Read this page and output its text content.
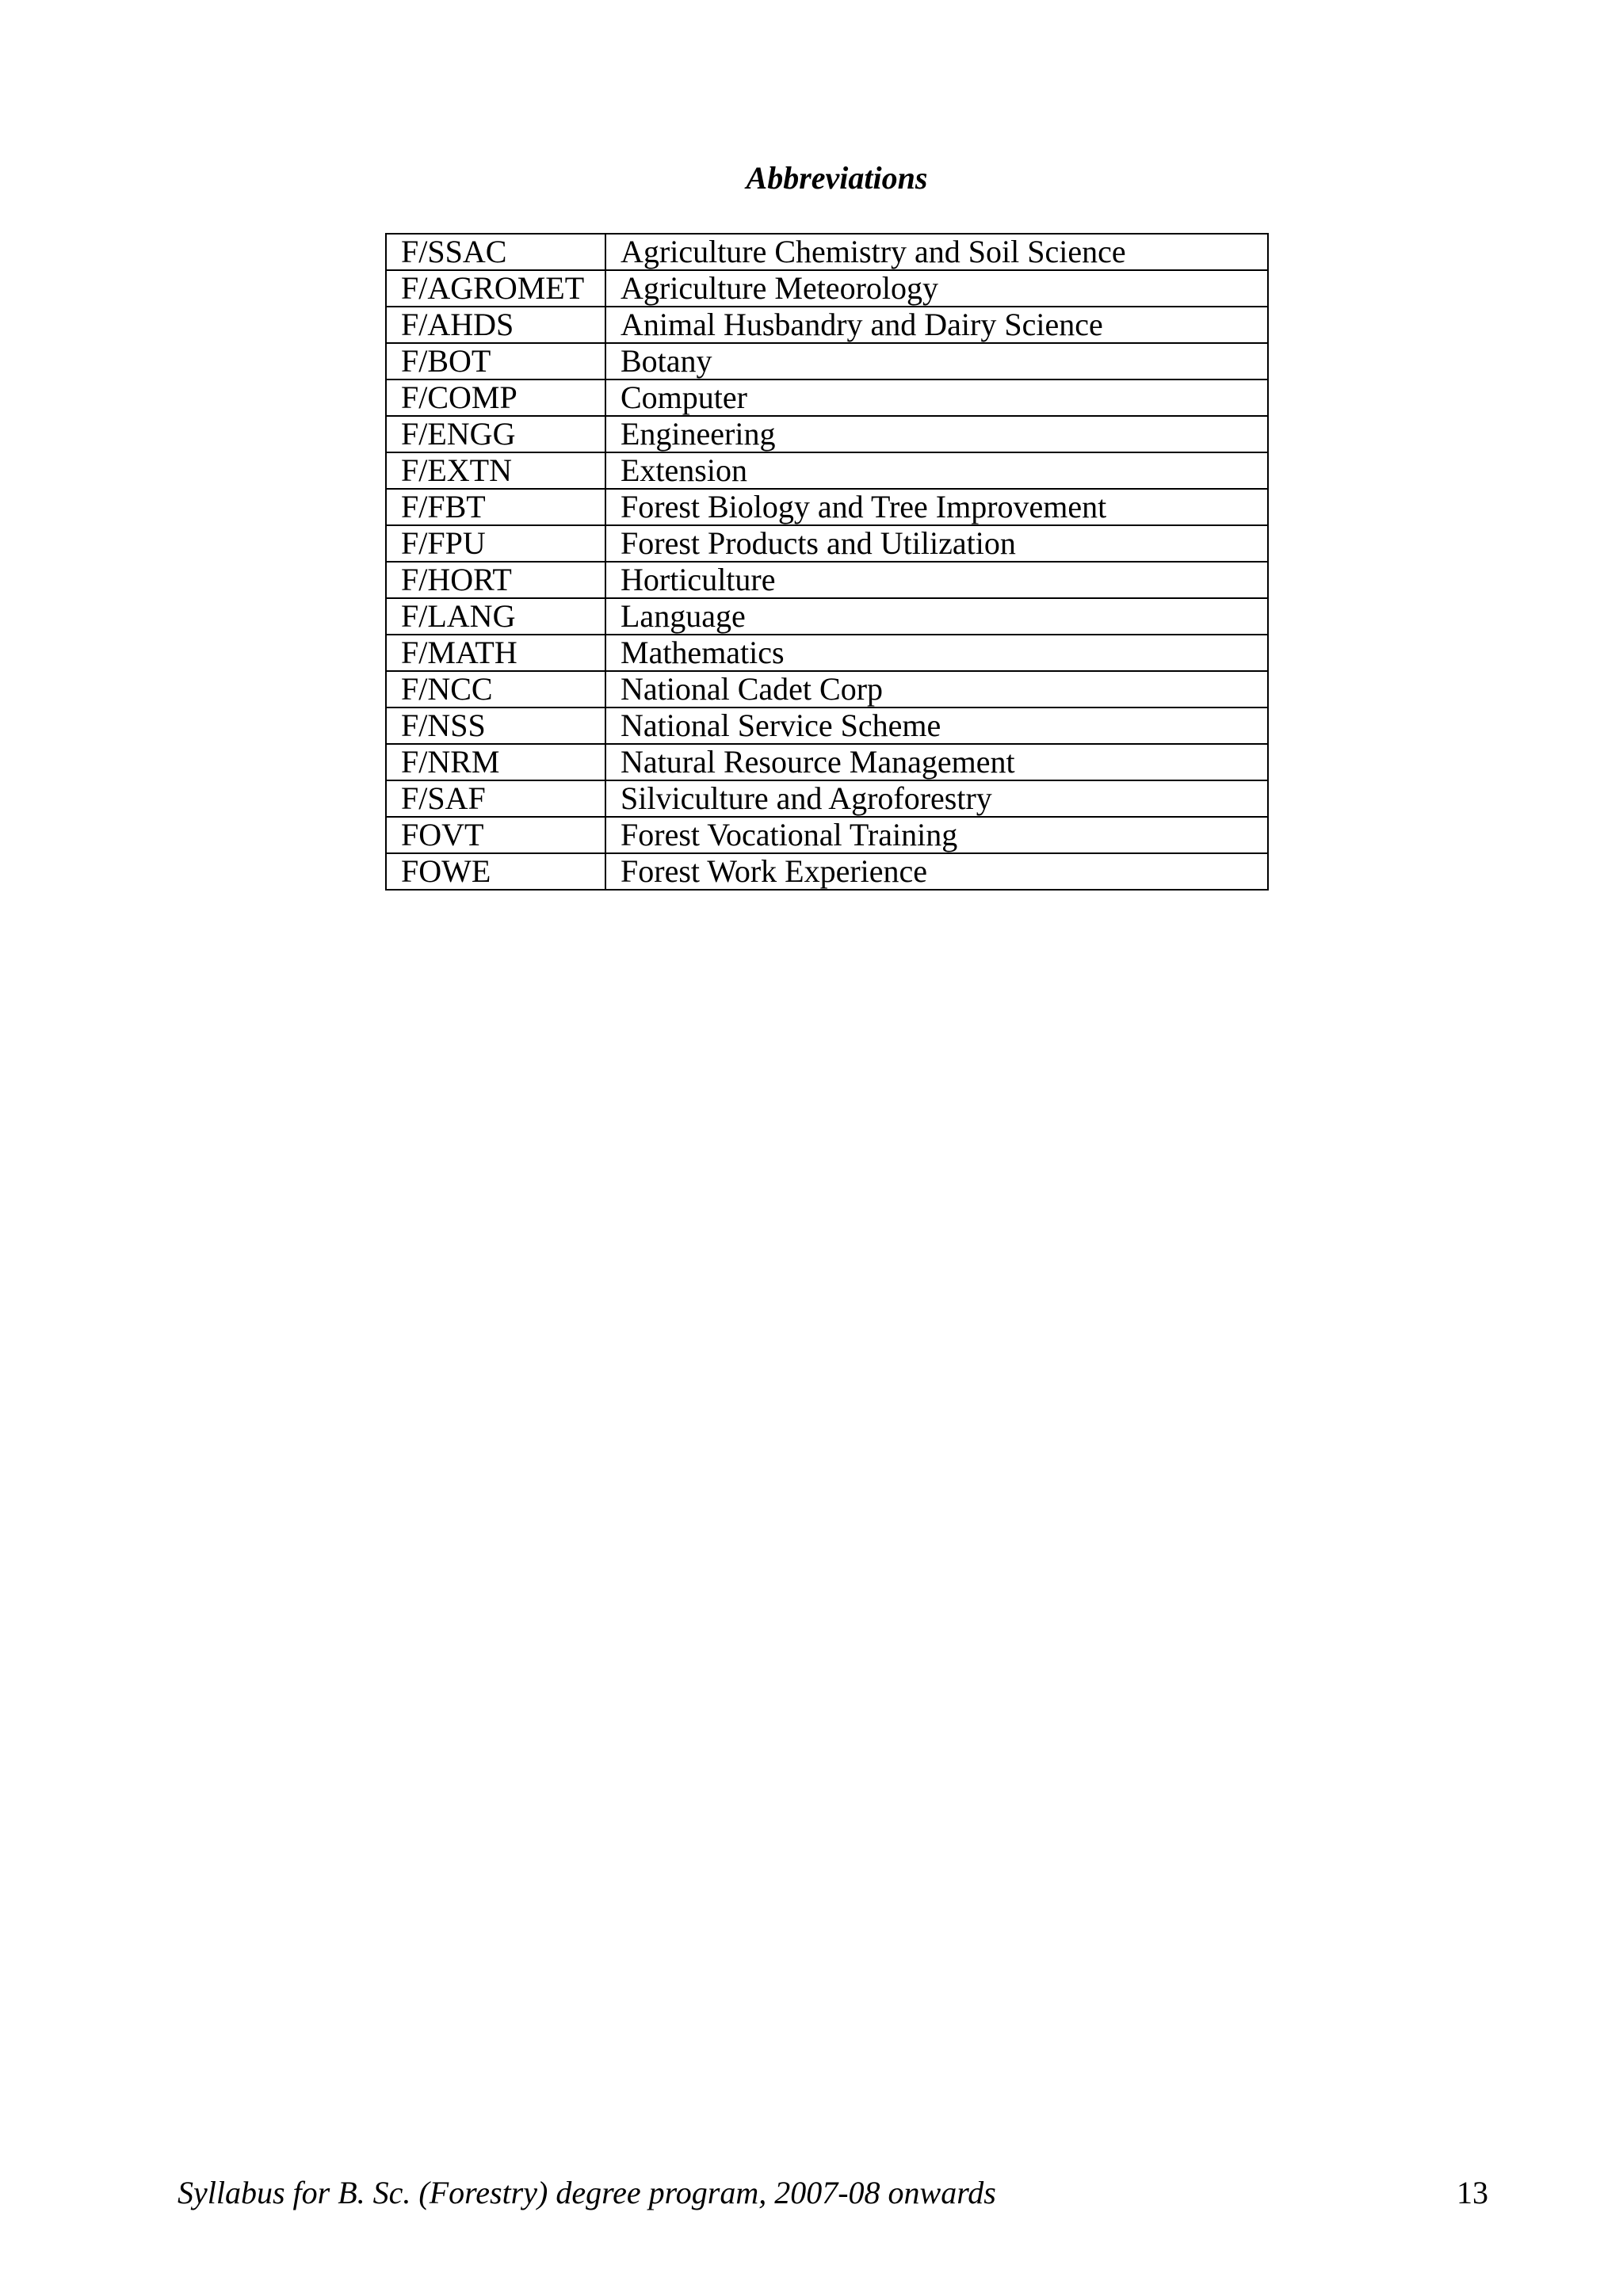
Abbreviations
F/SSAC	Agriculture Chemistry and Soil Science
F/AGROMET	Agriculture Meteorology
F/AHDS	Animal Husbandry and Dairy Science
F/BOT	Botany
F/COMP	Computer
F/ENGG	Engineering
F/EXTN	Extension
F/FBT	Forest Biology and Tree Improvement
F/FPU	Forest Products and Utilization
F/HORT	Horticulture
F/LANG	Language
F/MATH	Mathematics
F/NCC	National Cadet Corp
F/NSS	National Service Scheme
F/NRM	Natural Resource Management
F/SAF	Silviculture and Agroforestry
FOVT	Forest Vocational Training
FOWE	Forest Work Experience
Syllabus for B. Sc. (Forestry) degree program, 2007-08 onwards	13
